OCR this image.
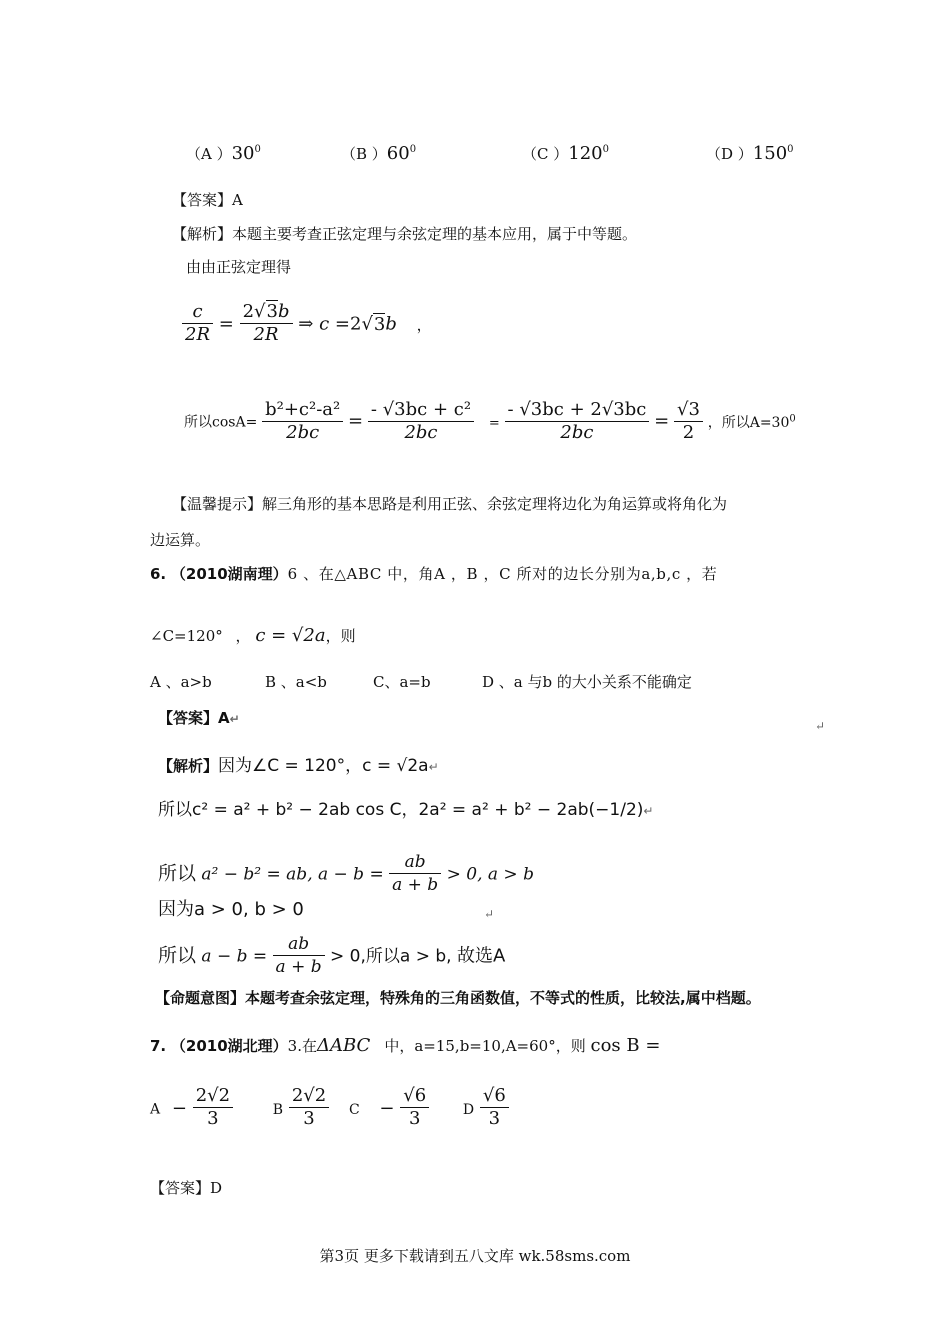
（A ）$30^0$	（B ）$60^0$	（C ）$120^0$	（D ）$150^0$
【答案】A
【解析】本题主要考查正弦定理与余弦定理的基本应用，属于中等题。
由由正弦定理得
$\frac{c}{2R} = \frac{2√3b}{2R}$ ⇒ c =2√3b ，
所以$\cos A= \frac{\text{b²+c²-a²}}{2bc} = \frac{\text{- √3bc + c²}}{2bc} = \frac{- √3bc + 2√3bc}{2bc} = \frac{√3}{2}$ ，所以$A=30^0$
【温馨提示】解三角形的基本思路是利用正弦、余弦定理将边化为角运算或将角化为
边运算。
6. （2010湖南理）6 、在△ABC 中，角A ，B ，C 所对的边长分别为a,b,c ，若
∠C=120° ， c = √2a，则
A 、a>b	B 、a<b	C、a=b	D 、a 与b 的大小关系不能确定
【答案】A↵	↵
【解析】因为∠C = 120°，c = √2a↵
所以c² = a² + b² − 2ab cos C，2a² = a² + b² − 2ab(−1/2)↵
所以 a² − b² = ab, $a - b = \frac{ab}{a + b} > 0$, a > b
因为a > 0, b > 0	↵
所以 $a - b = \frac{ab}{a + b} > 0$,所以a > b, 故选A
【命题意图】本题考查余弦定理，特殊角的三角函数值，不等式的性质，比较法,属中档题。
7. （2010湖北理）3.在ΔABC 中，a=15,b=10,A=60°，则 cos B =
$A - \frac{2√2}{3}$	B $\frac{2√2}{3}$ $C - \frac{√6}{3}$ D $\frac{√6}{3}$
【答案】D
第3页 更多下载请到五八文库 wk.58sms.com
